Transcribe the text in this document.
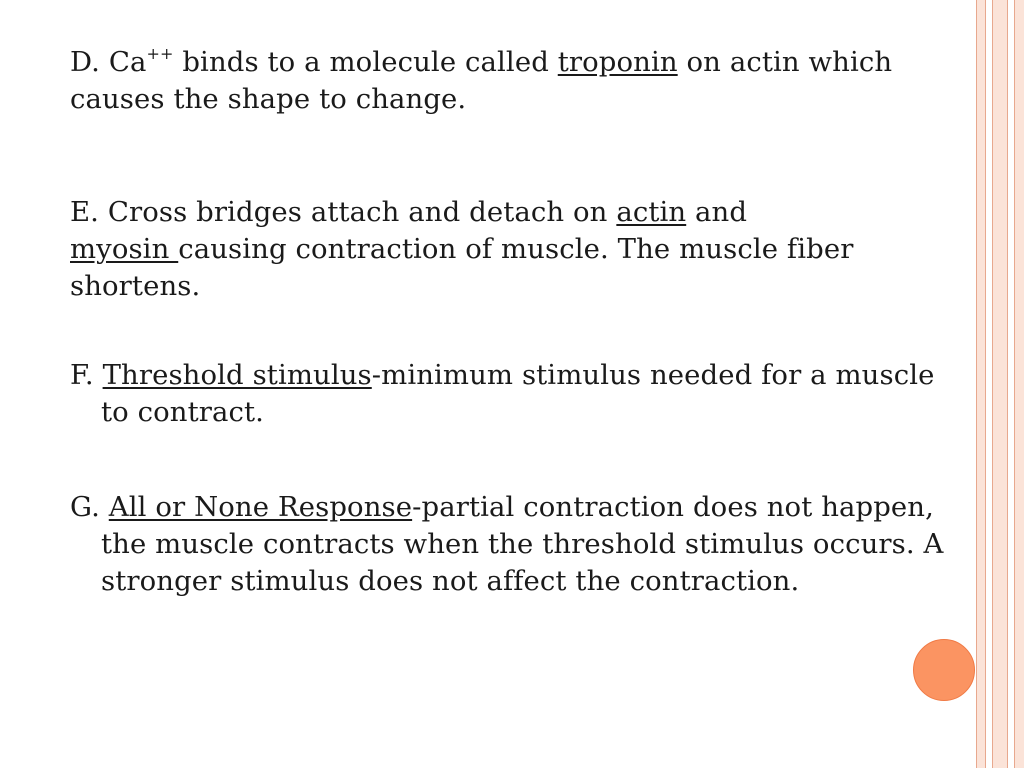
D. Ca++ binds to a molecule called troponin on actin which causes the shape to change.

E. Cross bridges attach and detach on actin and
myosin causing contraction of muscle. The muscle fiber shortens.

F. Threshold stimulus-minimum stimulus needed for a muscle to contract.

G. All or None Response-partial contraction does not happen, the muscle contracts when the threshold stimulus occurs. A stronger stimulus does not affect the contraction.
